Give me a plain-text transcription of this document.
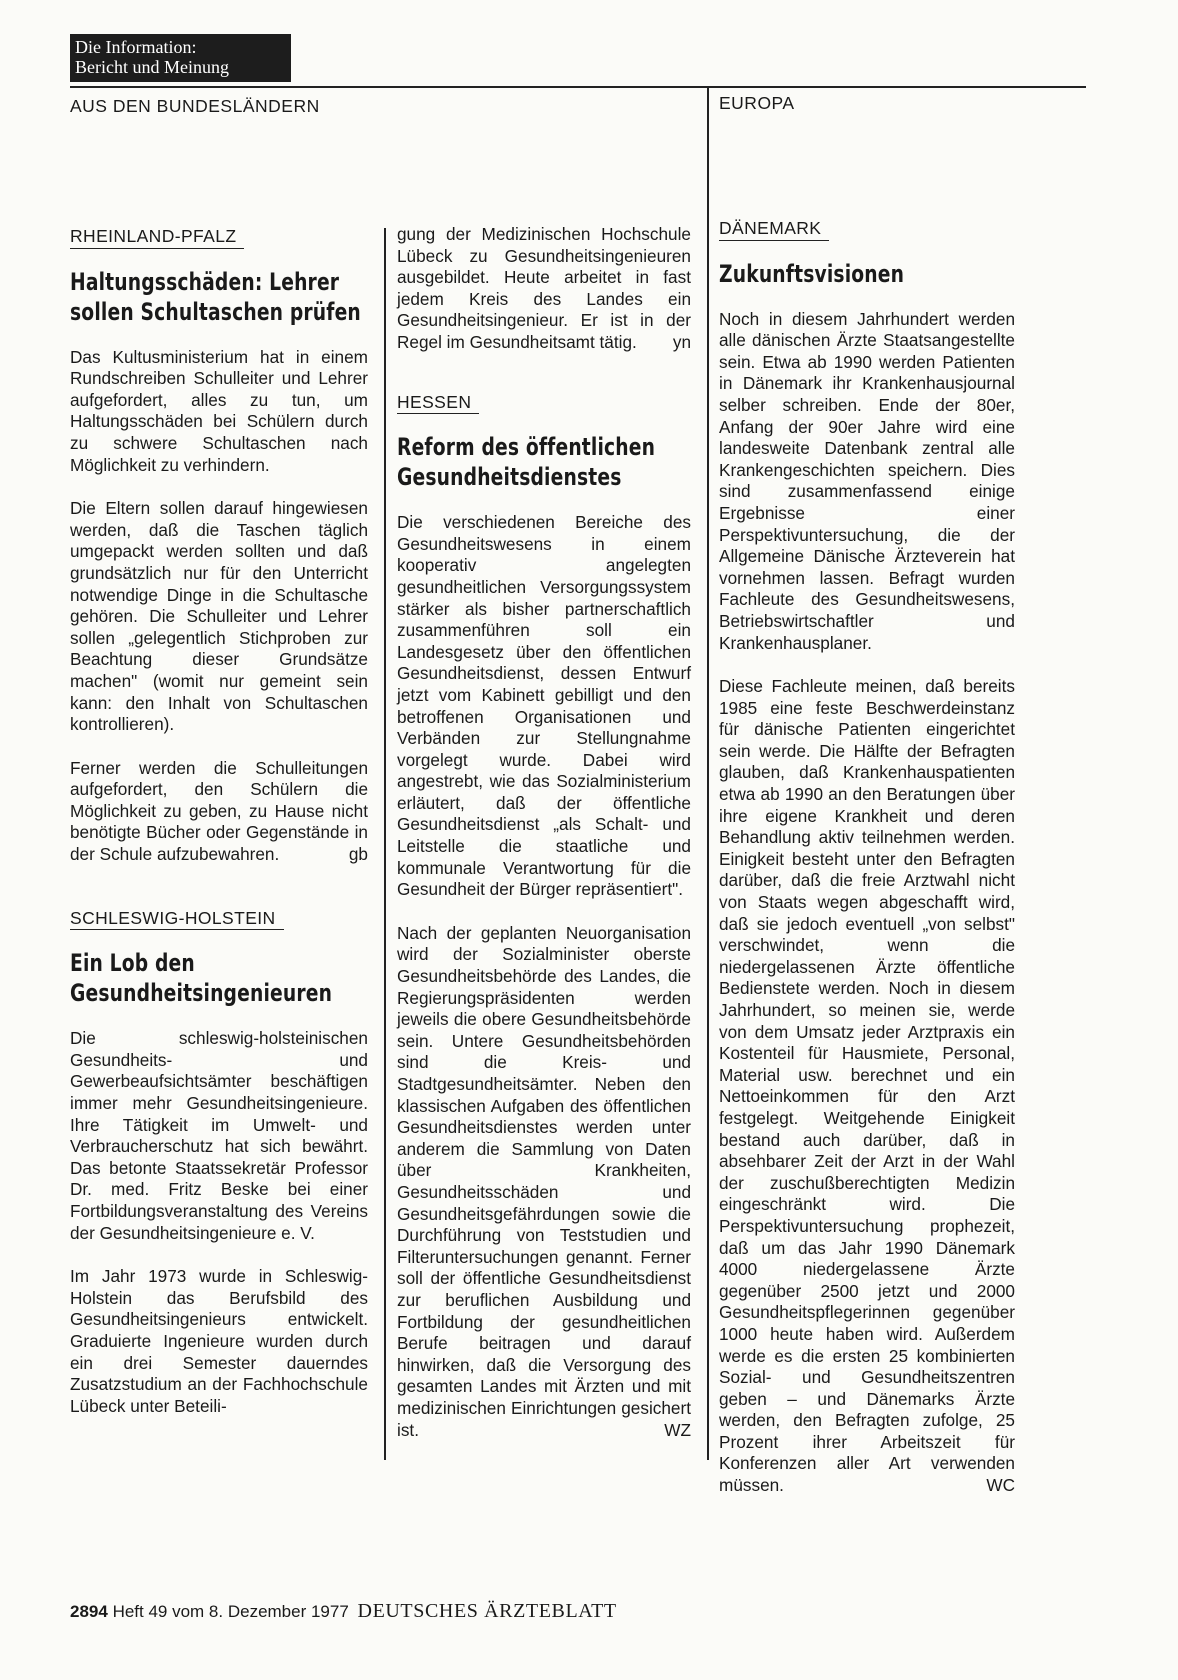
Die Information:
Bericht und Meinung
AUS DEN BUNDESLÄNDERN	EUROPA
RHEINLAND-PFALZ
Haltungsschäden: Lehrer
sollen Schultaschen prüfen

Das Kultusministerium hat in einem Rundschreiben Schulleiter und Lehrer aufgefordert, alles zu tun, um Haltungsschäden bei Schülern durch zu schwere Schultaschen nach Möglichkeit zu verhindern.

Die Eltern sollen darauf hingewiesen werden, daß die Taschen täglich umgepackt werden sollten und daß grundsätzlich nur für den Unterricht notwendige Dinge in die Schultasche gehören. Die Schulleiter und Lehrer sollen „gelegentlich Stichproben zur Beachtung dieser Grundsätze machen" (womit nur gemeint sein kann: den Inhalt von Schultaschen kontrollieren).

Ferner werden die Schulleitungen aufgefordert, den Schülern die Möglichkeit zu geben, zu Hause nicht benötigte Bücher oder Gegenstände in der Schule aufzubewahren.	gb

SCHLESWIG-HOLSTEIN
Ein Lob den
Gesundheitsingenieuren

Die schleswig-holsteinischen Gesundheits- und Gewerbeaufsichtsämter beschäftigen immer mehr Gesundheitsingenieure. Ihre Tätigkeit im Umwelt- und Verbraucherschutz hat sich bewährt. Das betonte Staatssekretär Professor Dr. med. Fritz Beske bei einer Fortbildungsveranstaltung des Vereins der Gesundheitsingenieure e. V.

Im Jahr 1973 wurde in Schleswig-Holstein das Berufsbild des Gesundheitsingenieurs entwickelt. Graduierte Ingenieure wurden durch ein drei Semester dauerndes Zusatzstudium an der Fachhochschule Lübeck unter Beteili-

gung der Medizinischen Hochschule Lübeck zu Gesundheitsingenieuren ausgebildet. Heute arbeitet in fast jedem Kreis des Landes ein Gesundheitsingenieur. Er ist in der Regel im Gesundheitsamt tätig. yn

HESSEN
Reform des öffentlichen
Gesundheitsdienstes

Die verschiedenen Bereiche des Gesundheitswesens in einem kooperativ angelegten gesundheitlichen Versorgungssystem stärker als bisher partnerschaftlich zusammenführen soll ein Landesgesetz über den öffentlichen Gesundheitsdienst, dessen Entwurf jetzt vom Kabinett gebilligt und den betroffenen Organisationen und Verbänden zur Stellungnahme vorgelegt wurde. Dabei wird angestrebt, wie das Sozialministerium erläutert, daß der öffentliche Gesundheitsdienst „als Schalt- und Leitstelle die staatliche und kommunale Verantwortung für die Gesundheit der Bürger repräsentiert".

Nach der geplanten Neuorganisation wird der Sozialminister oberste Gesundheitsbehörde des Landes, die Regierungspräsidenten werden jeweils die obere Gesundheitsbehörde sein. Untere Gesundheitsbehörden sind die Kreis- und Stadtgesundheitsämter. Neben den klassischen Aufgaben des öffentlichen Gesundheitsdienstes werden unter anderem die Sammlung von Daten über Krankheiten, Gesundheitsschäden und Gesundheitsgefährdungen sowie die Durchführung von Teststudien und Filteruntersuchungen genannt. Ferner soll der öffentliche Gesundheitsdienst zur beruflichen Ausbildung und Fortbildung der gesundheitlichen Berufe beitragen und darauf hinwirken, daß die Versorgung des gesamten Landes mit Ärzten und mit medizinischen Einrichtungen gesichert ist.	WZ

DÄNEMARK
Zukunftsvisionen

Noch in diesem Jahrhundert werden alle dänischen Ärzte Staatsangestellte sein. Etwa ab 1990 werden Patienten in Dänemark ihr Krankenhausjournal selber schreiben. Ende der 80er, Anfang der 90er Jahre wird eine landesweite Datenbank zentral alle Krankengeschichten speichern. Dies sind zusammenfassend einige Ergebnisse einer Perspektivuntersuchung, die der Allgemeine Dänische Ärzteverein hat vornehmen lassen. Befragt wurden Fachleute des Gesundheitswesens, Betriebswirtschaftler und Krankenhausplaner.

Diese Fachleute meinen, daß bereits 1985 eine feste Beschwerdeinstanz für dänische Patienten eingerichtet sein werde. Die Hälfte der Befragten glauben, daß Krankenhauspatienten etwa ab 1990 an den Beratungen über ihre eigene Krankheit und deren Behandlung aktiv teilnehmen werden. Einigkeit besteht unter den Befragten darüber, daß die freie Arztwahl nicht von Staats wegen abgeschafft wird, daß sie jedoch eventuell „von selbst" verschwindet, wenn die niedergelassenen Ärzte öffentliche Bedienstete werden. Noch in diesem Jahrhundert, so meinen sie, werde von dem Umsatz jeder Arztpraxis ein Kostenteil für Hausmiete, Personal, Material usw. berechnet und ein Nettoeinkommen für den Arzt festgelegt. Weitgehende Einigkeit bestand auch darüber, daß in absehbarer Zeit der Arzt in der Wahl der zuschußberechtigten Medizin eingeschränkt wird. Die Perspektivuntersuchung prophezeit, daß um das Jahr 1990 Dänemark 4000 niedergelassene Ärzte gegenüber 2500 jetzt und 2000 Gesundheitspflegerinnen gegenüber 1000 heute haben wird. Außerdem werde es die ersten 25 kombinierten Sozial- und Gesundheitszentren geben – und Dänemarks Ärzte werden, den Befragten zufolge, 25 Prozent ihrer Arbeitszeit für Konferenzen aller Art verwenden müssen.	WC

2894 Heft 49 vom 8. Dezember 1977 DEUTSCHES ÄRZTEBLATT
